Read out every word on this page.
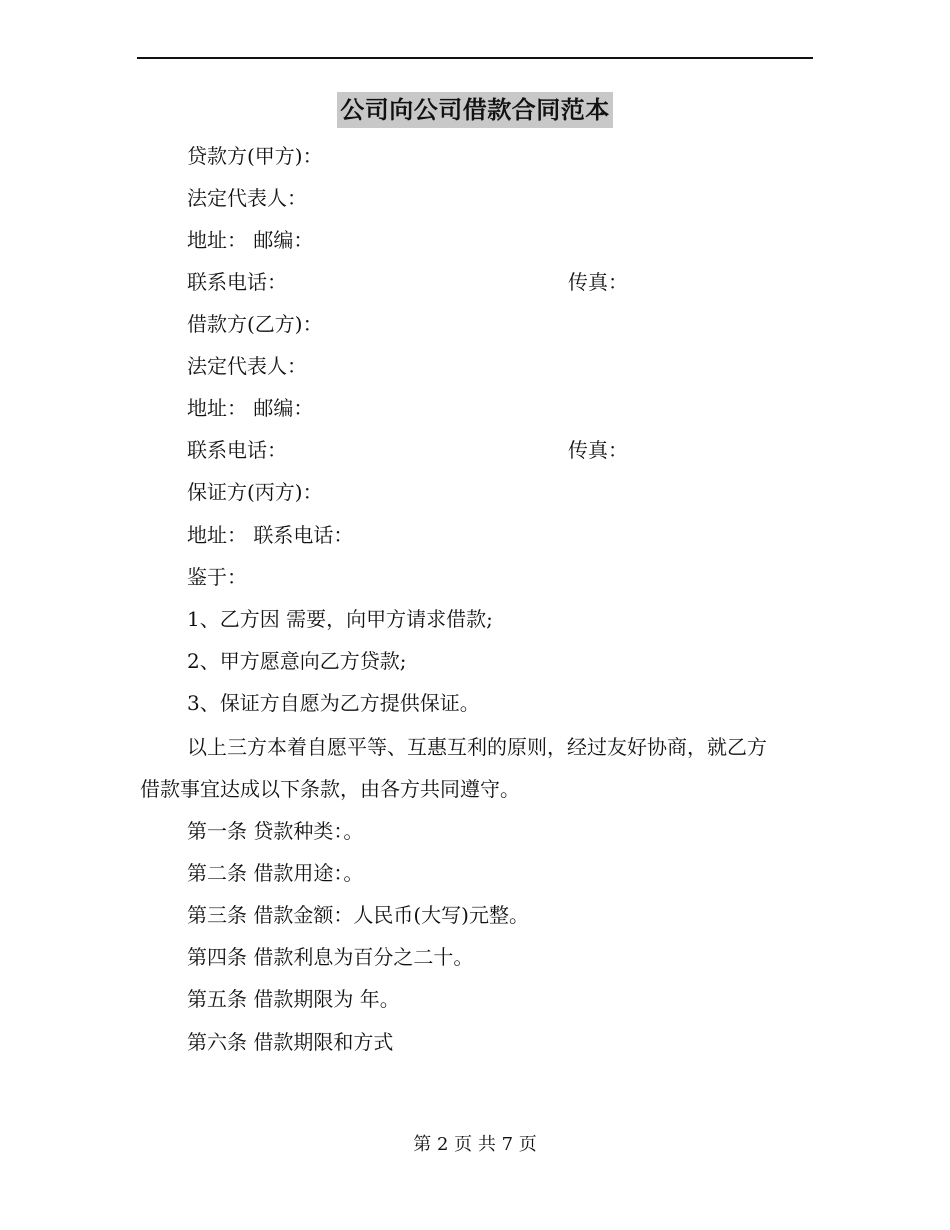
公司向公司借款合同范本
贷款方(甲方)：
法定代表人：
地址： 邮编：
联系电话：	传真：
借款方(乙方)：
法定代表人：
地址： 邮编：
联系电话：	传真：
保证方(丙方)：
地址： 联系电话：
鉴于：
1、乙方因 需要，向甲方请求借款;
2、甲方愿意向乙方贷款;
3、保证方自愿为乙方提供保证。
以上三方本着自愿平等、互惠互利的原则，经过友好协商，就乙方
借款事宜达成以下条款，由各方共同遵守。
第一条 贷款种类：。
第二条 借款用途：。
第三条 借款金额：人民币(大写)元整。
第四条 借款利息为百分之二十。
第五条 借款期限为 年。
第六条 借款期限和方式
第 2 页 共 7 页
